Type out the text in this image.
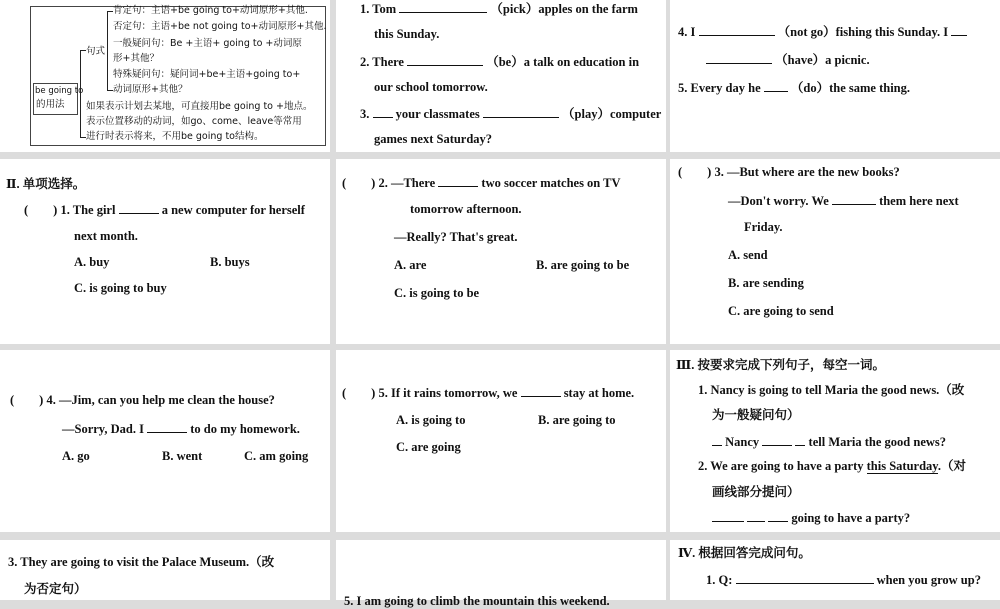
be going to
的用法
句式
肯定句：主语+be going to+动词原形+其他.
否定句：主语+be not going to+动词原形+其他.
一般疑问句：Be +主语+ going to +动词原
形+其他？
特殊疑问句：疑问词+be+主语+going to+
动词原形+其他？
如果表示计划去某地，可直接用be going to +地点。
表示位置移动的动词，如go、come、leave等常用
进行时表示将来，不用be going to结构。
1. Tom	（pick）apples on the farm
this Sunday.
2. There	（be）a talk on education in
our school tomorrow.
3. your classmates	（play）computer
games next Saturday?
4. I	（not go）fishing this Sunday. I
（have）a picnic.
5. Every day he （do）the same thing.
Ⅱ. 单项选择。
(　　) 1. The girl	a new computer for herself
next month.
A. buy	B. buys
C. is going to buy
(　　) 2. —There	two soccer matches on TV
tomorrow afternoon.
—Really? That's great.
A. are	B. are going to be
C. is going to be
(　　) 3. —But where are the new books?
—Don't worry. We	them here next
Friday.
A. send
B. are sending
C. are going to send
(　　) 4. —Jim, can you help me clean the house?
—Sorry, Dad. I	to do my homework.
A. go	B. went	C. am going
(　　) 5. If it rains tomorrow, we	stay at home.
A. is going to	B. are going to
C. are going
Ⅲ. 按要求完成下列句子，每空一词。
1. Nancy is going to tell Maria the good news.（改
为一般疑问句）
Nancy	tell Maria the good news?
2. We are going to have a party this Saturday.（对
画线部分提问）
going to have a party?
3. They are going to visit the Palace Museum.（改
为否定句）
5. I am going to climb the mountain this weekend.
Ⅳ. 根据回答完成问句。
1. Q:	when you grow up?
